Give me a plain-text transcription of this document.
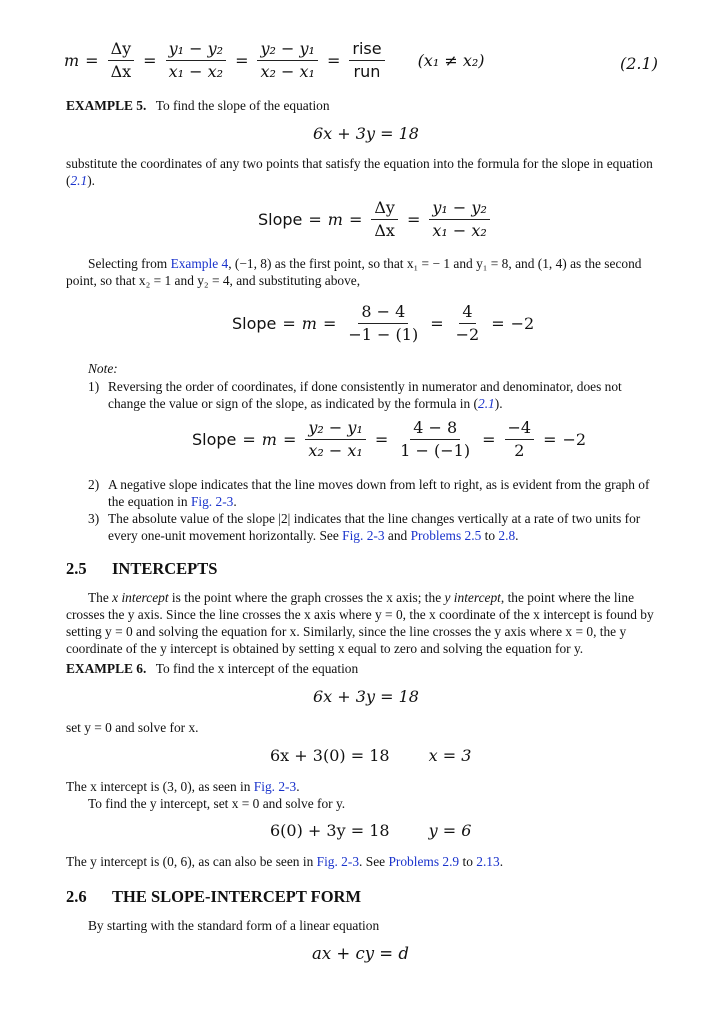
$m = \frac{\Delta y}{\Delta x} = \frac{\text{y₁ − y₂}}{\text{x₁ − x₂}} = \frac{\text{y₂ − y₁}}{\text{x₂ − x₁}} = \frac{\text{rise}}{\text{run}} (x_1 \ne x_2)$	(2.1)
EXAMPLE 5. To find the slope of the equation
6x + 3y = 18
substitute the coordinates of any two points that satisfy the equation into the formula for the slope in equation (2.1).
Slope = $m = \frac{\Delta y}{\Delta x} = \frac{\text{y₁ − y₂}}{\text{x₁ − x₂}}$
Selecting from Example 4, (−1, 8) as the first point, so that x₁ = − 1 and y₁ = 8, and (1, 4) as the second point, so that x₂ = 1 and y₂ = 4, and substituting above,
Slope = $m = \frac{8 - 4}{-1 - (1)} = \frac{4}{-2} = -2$
Note:
1) Reversing the order of coordinates, if done consistently in numerator and denominator, does not change the value or sign of the slope, as indicated by the formula in (2.1).
Slope = $m = \frac{\text{y₂ − y₁}}{\text{x₂ − x₁}} = \frac{4 - 8}{1 - (-1)} = \frac{-4}{2} = -2$
2) A negative slope indicates that the line moves down from left to right, as is evident from the graph of the equation in Fig. 2-3.
3) The absolute value of the slope |2| indicates that the line changes vertically at a rate of two units for every one-unit movement horizontally. See Fig. 2-3 and Problems 2.5 to 2.8.
2.5 INTERCEPTS
The x intercept is the point where the graph crosses the x axis; the y intercept, the point where the line crosses the y axis. Since the line crosses the x axis where y = 0, the x coordinate of the x intercept is found by setting y = 0 and solving the equation for x. Similarly, since the line crosses the y axis where x = 0, the y coordinate of the y intercept is obtained by setting x equal to zero and solving the equation for y.
EXAMPLE 6. To find the x intercept of the equation
6x + 3y = 18
set y = 0 and solve for x.
6x + 3(0) = 18 x = 3
The x intercept is (3, 0), as seen in Fig. 2-3.
To find the y intercept, set x = 0 and solve for y.
6(0) + 3y = 18 y = 6
The y intercept is (0, 6), as can also be seen in Fig. 2-3. See Problems 2.9 to 2.13.
2.6 THE SLOPE-INTERCEPT FORM
By starting with the standard form of a linear equation
ax + cy = d
